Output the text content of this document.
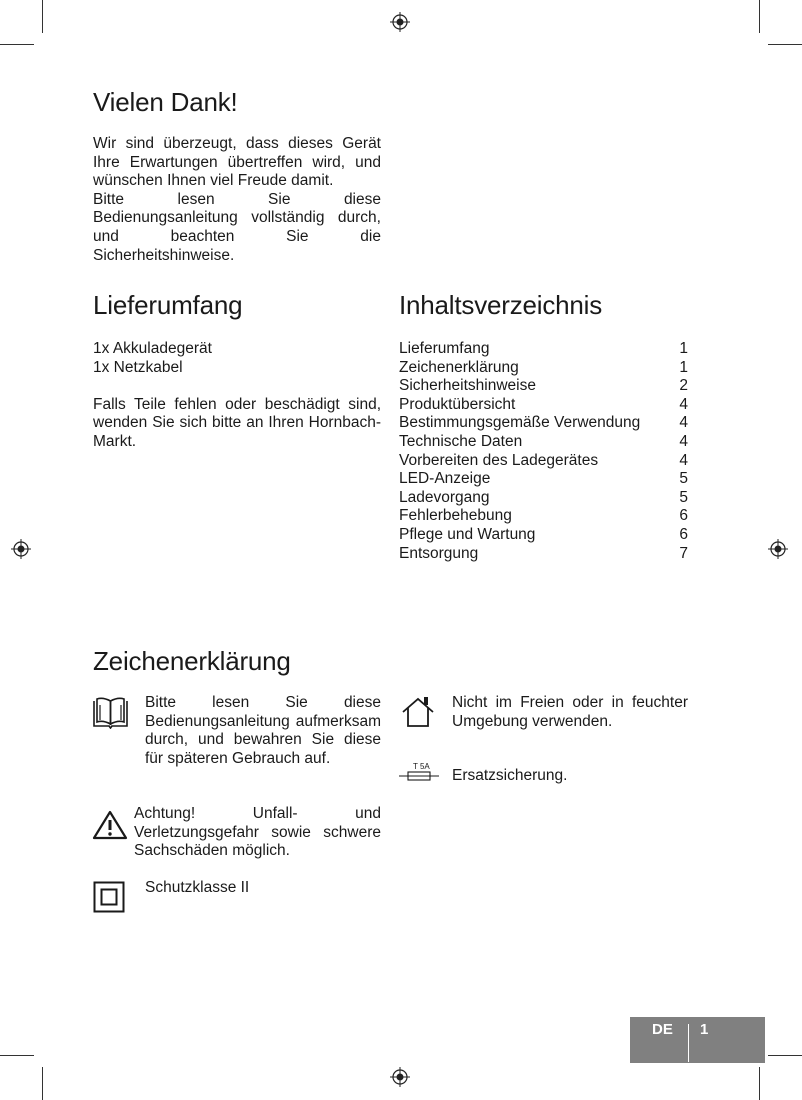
Vielen Dank!

Wir sind überzeugt, dass dieses Gerät Ihre Erwartungen übertreffen wird, und wünschen Ihnen viel Freude damit.

Bitte lesen Sie diese Bedienungsanleitung vollständig durch, und beachten Sie die Sicherheitshinweise.

Lieferumfang
1x Akkuladegerät
1x Netzkabel

Falls Teile fehlen oder beschädigt sind, wenden Sie sich bitte an Ihren Hornbach-Markt.

Inhaltsverzeichnis
Lieferumfang	1
Zeichenerklärung	1
Sicherheitshinweise	2
Produktübersicht	4
Bestimmungsgemäße Verwendung	4
Technische Daten	4
Vorbereiten des Ladegerätes	4
LED-Anzeige	5
Ladevorgang	5
Fehlerbehebung	6
Pflege und Wartung	6
Entsorgung	7
Zeichenerklärung
Bitte lesen Sie diese Bedienungsanleitung aufmerksam durch, und bewahren Sie diese für späteren Gebrauch auf.
Achtung! Unfall- und Verletzungsgefahr sowie schwere Sachschäden möglich.
Schutzklasse II
Nicht im Freien oder in feuchter Umgebung verwenden.
T 5A
Ersatzsicherung.
DE 1
